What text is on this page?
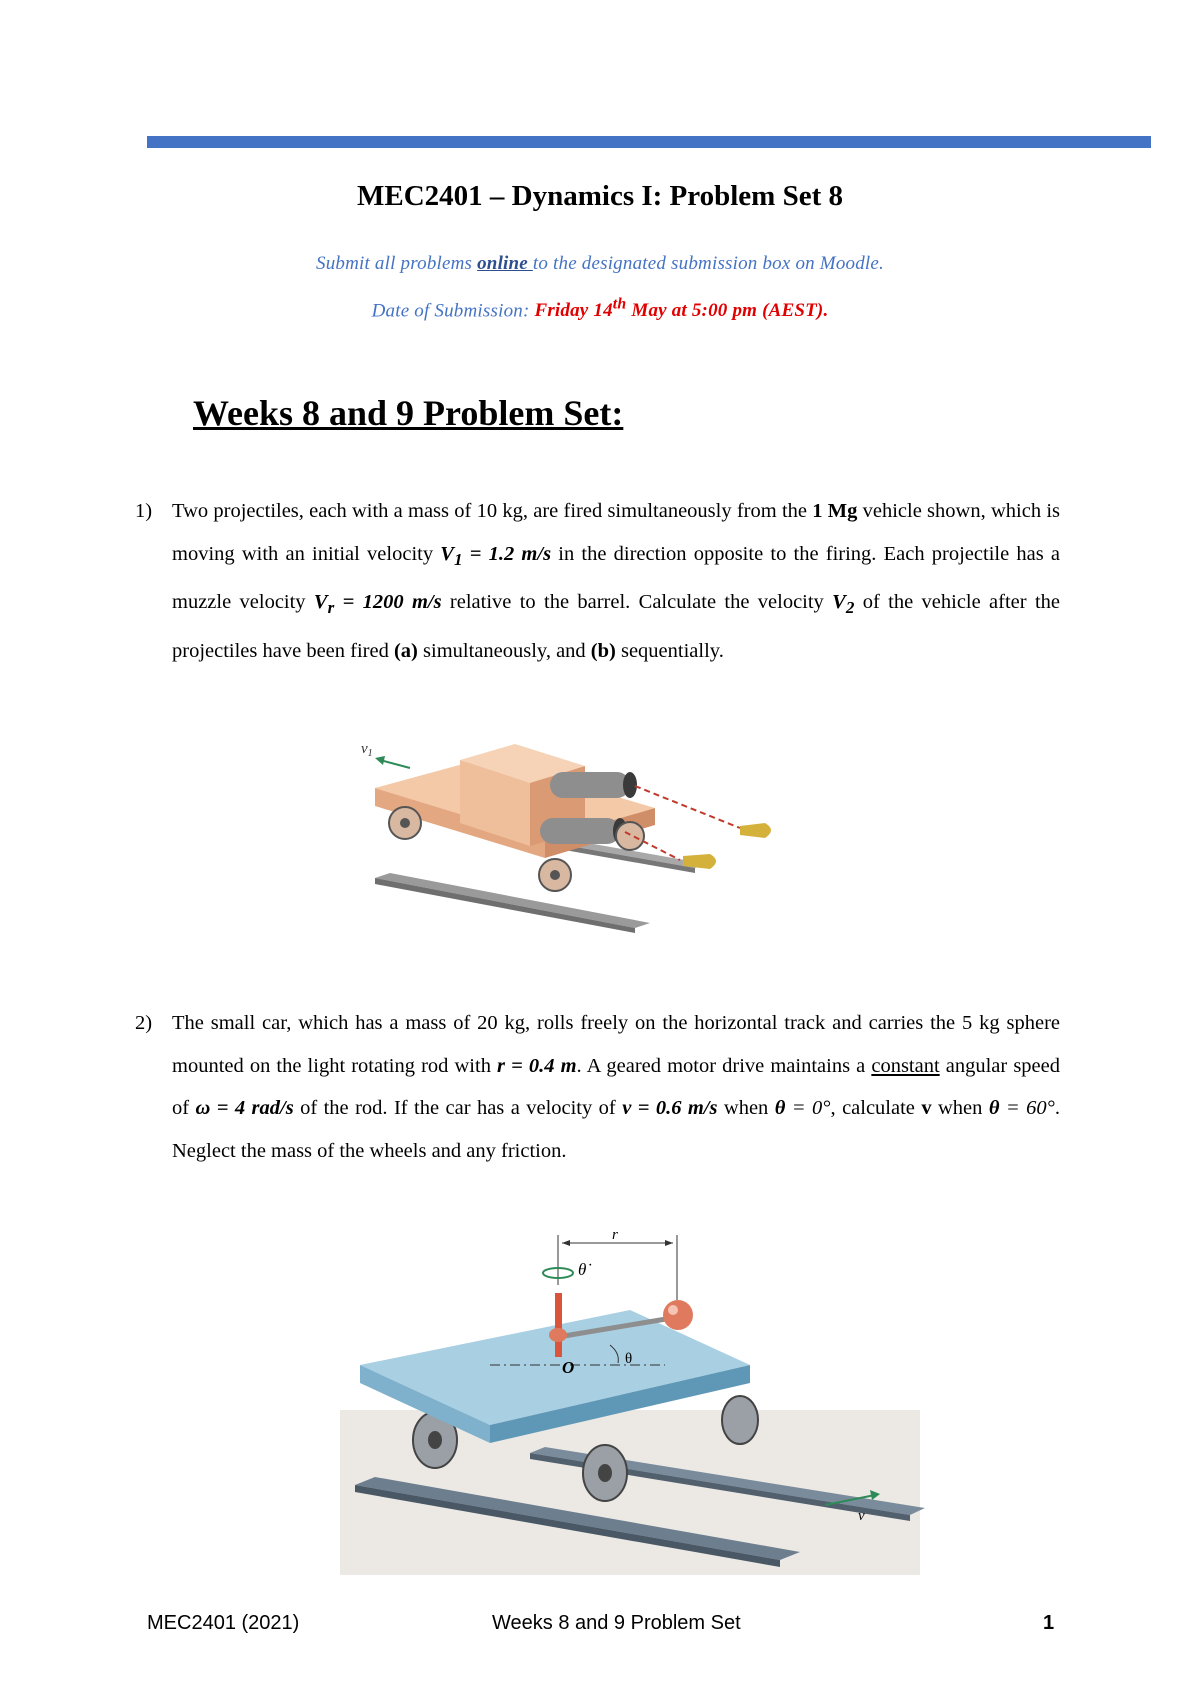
MEC2401 – Dynamics I: Problem Set 8
Submit all problems online to the designated submission box on Moodle.
Date of Submission: Friday 14th May at 5:00 pm (AEST).
Weeks 8 and 9 Problem Set:
1) Two projectiles, each with a mass of 10 kg, are fired simultaneously from the 1 Mg vehicle shown, which is moving with an initial velocity $V_1 = 1.2$ m/s in the direction opposite to the firing. Each projectile has a muzzle velocity $V_r = 1200$ m/s relative to the barrel. Calculate the velocity $V_2$ of the vehicle after the projectiles have been fired (a) simultaneously, and (b) sequentially.
$v_1$
2) The small car, which has a mass of 20 kg, rolls freely on the horizontal track and carries the 5 kg sphere mounted on the light rotating rod with r = 0.4 m. A geared motor drive maintains a constant angular speed of ω = 4 rad/s of the rod. If the car has a velocity of v = 0.6 m/s when θ = 0°, calculate v when θ = 60°. Neglect the mass of the wheels and any friction.
r
θ̇
O	θ
v
MEC2401 (2021)	Weeks 8 and 9 Problem Set	1
